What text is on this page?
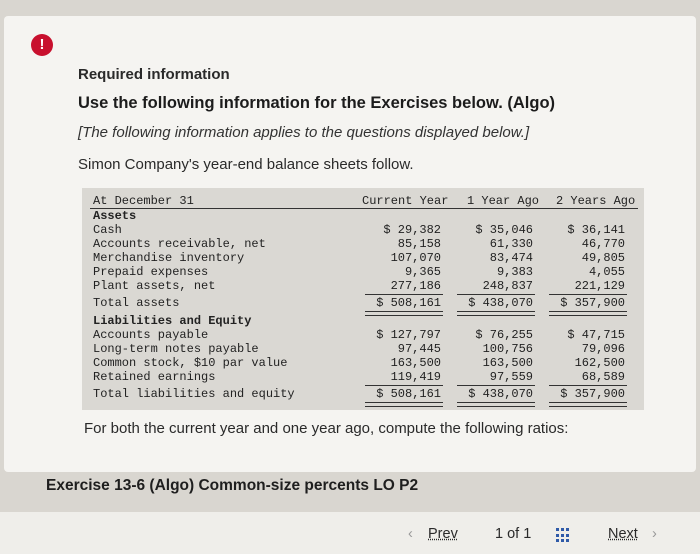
!
Required information
Use the following information for the Exercises below. (Algo)
[The following information applies to the questions displayed below.]
Simon Company's year-end balance sheets follow.
At December 31	Current Year 1 Year Ago 2 Years Ago
Assets
Cash	$ 29,382	$ 35,046	$ 36,141
Accounts receivable, net	85,158	61,330	46,770
Merchandise inventory	107,070	83,474	49,805
Prepaid expenses	9,365	9,383	4,055
Plant assets, net	277,186	248,837	221,129
Total assets	$ 508,161	$ 438,070	$ 357,900
Liabilities and Equity
Accounts payable	$ 127,797	$ 76,255	$ 47,715
Long-term notes payable	97,445	100,756	79,096
Common stock, $10 par value	163,500	163,500	162,500
Retained earnings	119,419	97,559	68,589
Total liabilities and equity	$ 508,161	$ 438,070	$ 357,900
For both the current year and one year ago, compute the following ratios:
Exercise 13-6 (Algo) Common-size percents LO P2
‹ Prev	1 of 1	Next ›
